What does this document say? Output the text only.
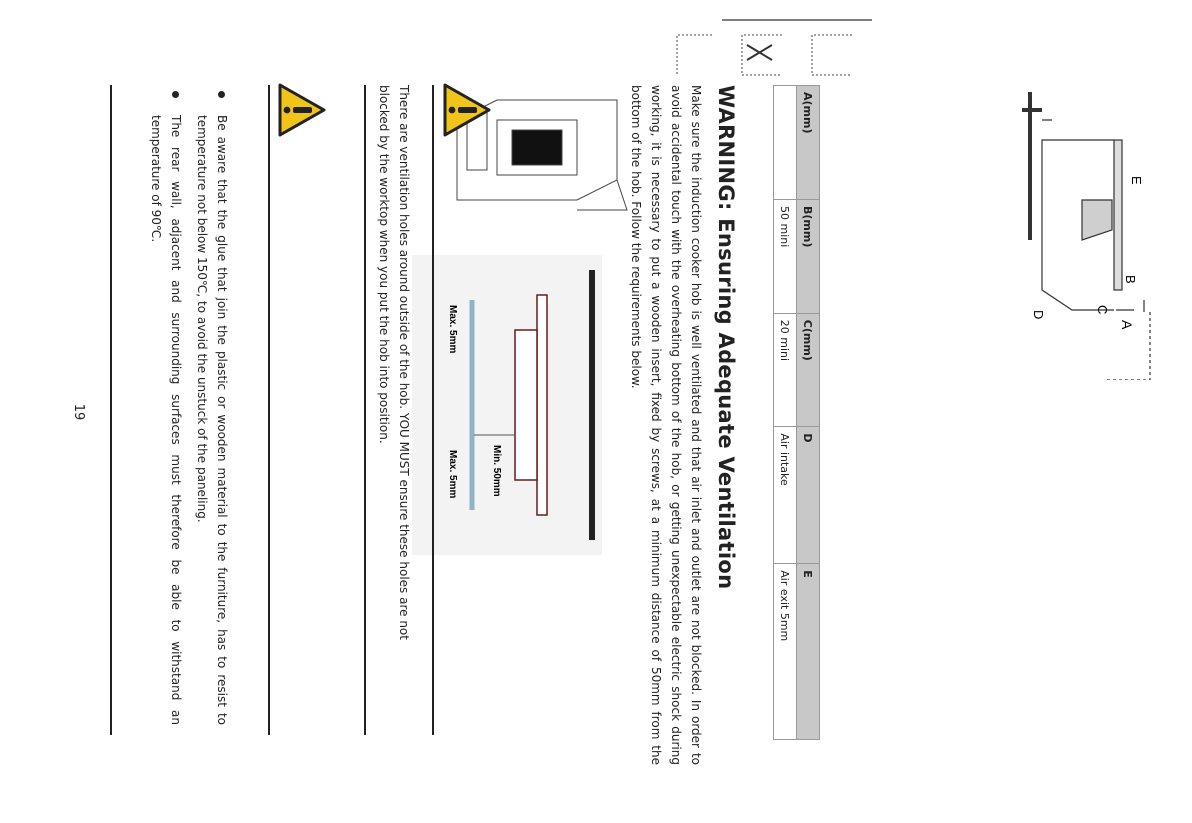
A
B
C
D
E
A(mm)	B(mm)	C(mm)	D	E
	50 mini	20 mini	Air intake	Air exit 5mm
WARNING: Ensuring Adequate Ventilation

Make sure the induction cooker hob is well ventilated and that air inlet and outlet are not blocked. In order to avoid accidental touch with the overheating bottom of the hob, or getting unexpectable electric shock during working, it is necessary to put a wooden insert, fixed by screws, at a minimum distance of 50mm from the bottom of the hob. Follow the requirements below.

Max. 5mm
Max. 5mm	Min. 50mm

There are ventilation holes around outside of the hob. YOU MUST ensure these holes are not blocked by the worktop when you put the hob into position.

Be aware that the glue that join the plastic or wooden material to the furniture, has to resist to temperature not below 150℃, to avoid the unstuck of the paneling.
The rear wall, adjacent and surrounding surfaces must therefore be able to withstand an temperature of 90℃.
19
